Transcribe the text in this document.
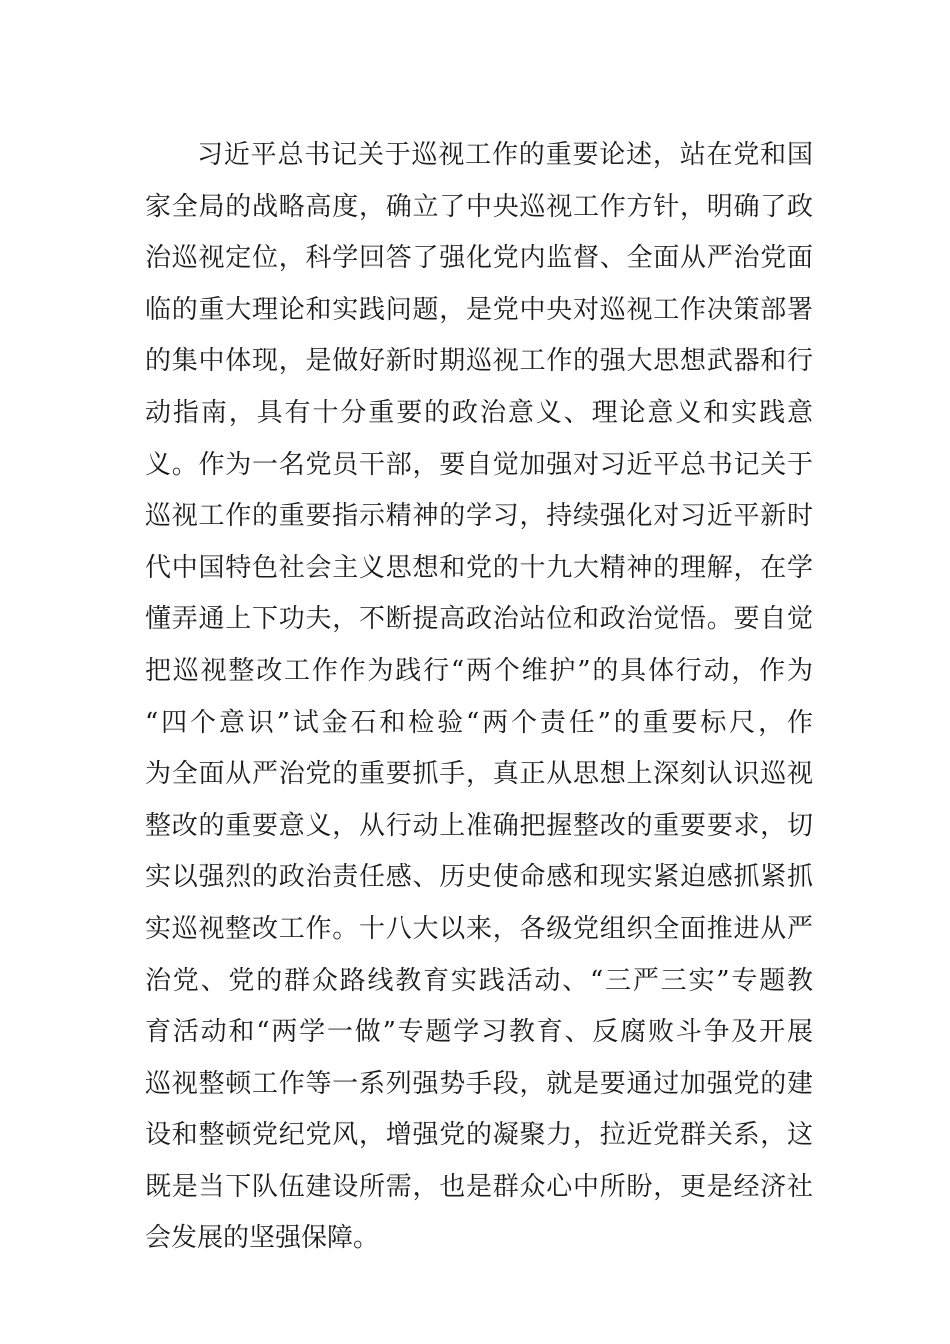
习近平总书记关于巡视工作的重要论述，站在党和国
家全局的战略高度，确立了中央巡视工作方针，明确了政
治巡视定位，科学回答了强化党内监督、全面从严治党面
临的重大理论和实践问题，是党中央对巡视工作决策部署
的集中体现，是做好新时期巡视工作的强大思想武器和行
动指南，具有十分重要的政治意义、理论意义和实践意
义。作为一名党员干部，要自觉加强对习近平总书记关于
巡视工作的重要指示精神的学习，持续强化对习近平新时
代中国特色社会主义思想和党的十九大精神的理解，在学
懂弄通上下功夫，不断提高政治站位和政治觉悟。要自觉
把巡视整改工作作为践行“两个维护”的具体行动，作为
“四个意识”试金石和检验“两个责任”的重要标尺，作
为全面从严治党的重要抓手，真正从思想上深刻认识巡视
整改的重要意义，从行动上准确把握整改的重要要求，切
实以强烈的政治责任感、历史使命感和现实紧迫感抓紧抓
实巡视整改工作。十八大以来，各级党组织全面推进从严
治党、党的群众路线教育实践活动、“三严三实”专题教
育活动和“两学一做”专题学习教育、反腐败斗争及开展
巡视整顿工作等一系列强势手段，就是要通过加强党的建
设和整顿党纪党风，增强党的凝聚力，拉近党群关系，这
既是当下队伍建设所需，也是群众心中所盼，更是经济社
会发展的坚强保障。
